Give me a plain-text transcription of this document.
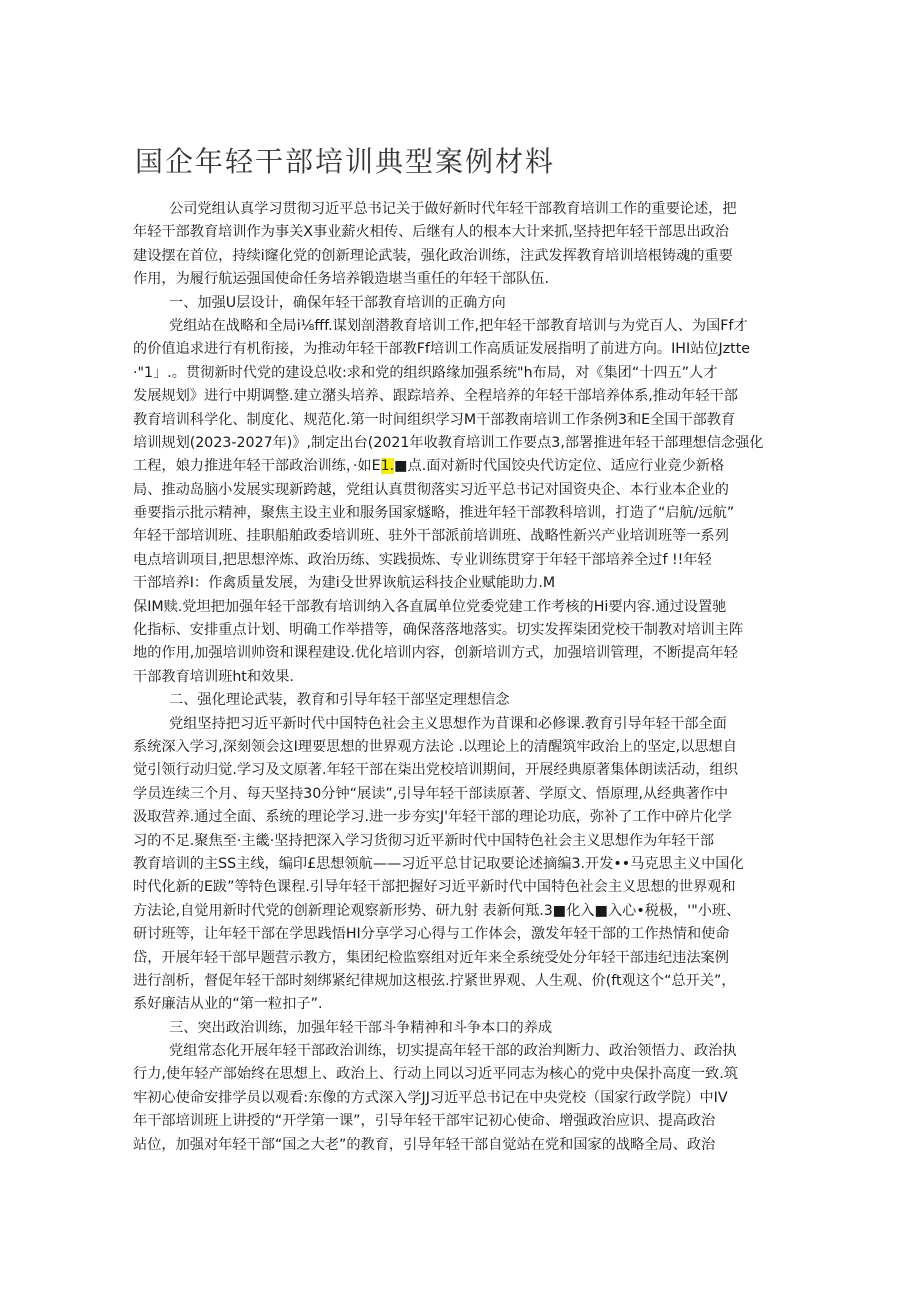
国企年轻干部培训典型案例材料
公司党组认真学习贯彻习近平总书记关于做好新时代年轻干部教育培训工作的重要论述，把
年轻干部教育培训作为事关X事业薪火相传、后继有人的根本大计来抓,坚持把年轻干部思出政治
建设摆在首位，持续i窿化党的创新理论武装，强化政治训练，注武发挥教育培训培根铸魂的重要
作用，为履行航运强国使命任务培养锻造堪当重任的年轻干部队伍.
一、加强U层设计，确保年轻干部教育培训的正确方向
党组站在战略和全局i⅛fff.谋划剖潜教育培训工作,把年轻干部教育培训与为党百人、为国Ff才
的价值追求进行有机衔接，为推动年轻干部教Ff培训工作高质证发展指明了前进方向。IHI站位Jztte
·"1」.。贯彻新时代党的建设总收:求和党的组织路缘加强系统"h布局，对《集团“十四五”人才
发展规划》进行中期调整.建立潴头培养、跟踪培养、全程培养的年轻干部培养体系,推动年轻干部
教育培训科学化、制度化、规范化.第一时间组织学习M干部教南培训工作条例3和E全国干部教育
培训规划(2023-2027年)》,制定出台(2021年收教育培训工作要点3,部署推进年轻干部理想信念强化
工程，娘力推进年轻干部政治训练，·如E1.■点.面对新时代国饺央代访定位、适应行业竞少新格
局、推动岛脑小发展实现新跨越，党组认真贯彻落实习近平总书记对国资央企、本行业本企业的
垂要指示批示精神，聚焦主设主业和服务国家燧略，推进年轻干部教科培训，打造了“启航/远航”
年轻干部培训班、挂职船舶政委培训班、驻外干部派前培训班、战略性新兴产业培训班等一系列
电点培训项目,把思想淬炼、政治历练、实践损炼、专业训练贯穿于年轻干部培养全过f !!年轻
干部培养I：作禽质量发展，为建i殳世界诙航运科技企业赋能助力.M
保IM赎.党坦把加强年轻干部教有培训纳入各直属单位党委党建工作考核的Hi要内容.通过设置驰
化指标、安排重点计划、明确工作举措等，确保落落地落实。切实发挥柒团党校干制教对培训主阵
地的作用,加强培训帅资和课程建设.优化培训内容，创新培训方式，加强培训管理，不断提高年轻
干部教育培训班ht和效果.
二、强化理论武装，教育和引导年轻干部坚定理想信念
党组坚持把习近平新时代中国特色社会主义思想作为苜课和必修课.教育引导年轻干部全面
系统深入学习,深刻领会这I理要思想的世界观方法论 .以理论上的清醒筑牢政治上的坚定,以思想自
觉引领行动归觉.学习及文原著.年轻干部在柒出党校培训期间，开展经典原著集体朗读活动，组织
学员连续三个月、每天坚持30分钟“展读”,引导年轻干部读原著、学原文、悟原理,从经典著作中
汲取营养.通过全面、系统的理论学习.进一步夯实J'年轻干部的理论功底，弥补了工作中碎片化学
习的不足.聚焦至·主畿·坚持把深入学习货彻习近平新时代中国特色社会主义思想作为年轻干部
教育培训的主SS主线，编印£思想领航——习近平总甘记取要论述摘编3.开发••马克思主义中国化
时代化新的E跋”等特色课程.引导年轻干部把握好习近平新时代中国特色社会主义思想的世界观和
方法论,自觉用新时代党的创新理论观察新形势、研九射 表新何羝.3■化入■入心•税极，'"小班、
研讨班等，让年轻干部在学思践悟HI分享学习心得与工作体会，激发年轻干部的工作热情和使命
岱，开展年轻干部早题营示教方，集团纪检监察组对近年来全系统受处分年轻干部违纪违法案例
进行剖析，督促年轻干部时刻绑紧纪律规加这根弦.拧紧世界观、人生观、价(ft观这个“总开关”，
系好廉洁从业的“第一粒扣子”.
三、突出政治训练，加强年轻干部斗争精神和斗争本口的养成
党组常态化开展年轻干部政治训练，切实提高年轻干部的政治判断力、政治领悟力、政治执
行力,使年轻产部始终在思想上、政治上、行动上同以习近平同志为核心的党中央保扑高度一致.筑
牢初心使命安排学员以观看:东像的方式深入学JJ习近平总书记在中央党校（国家行政学院）中IV
年干部培训班上讲授的“开学第一课”，引导年轻干部牢记初心使命、增强政治应识、提高政治
站位，加强对年轻干部“国之大老”的教育，引导年轻干部自觉站在党和国家的战略全局、政治
